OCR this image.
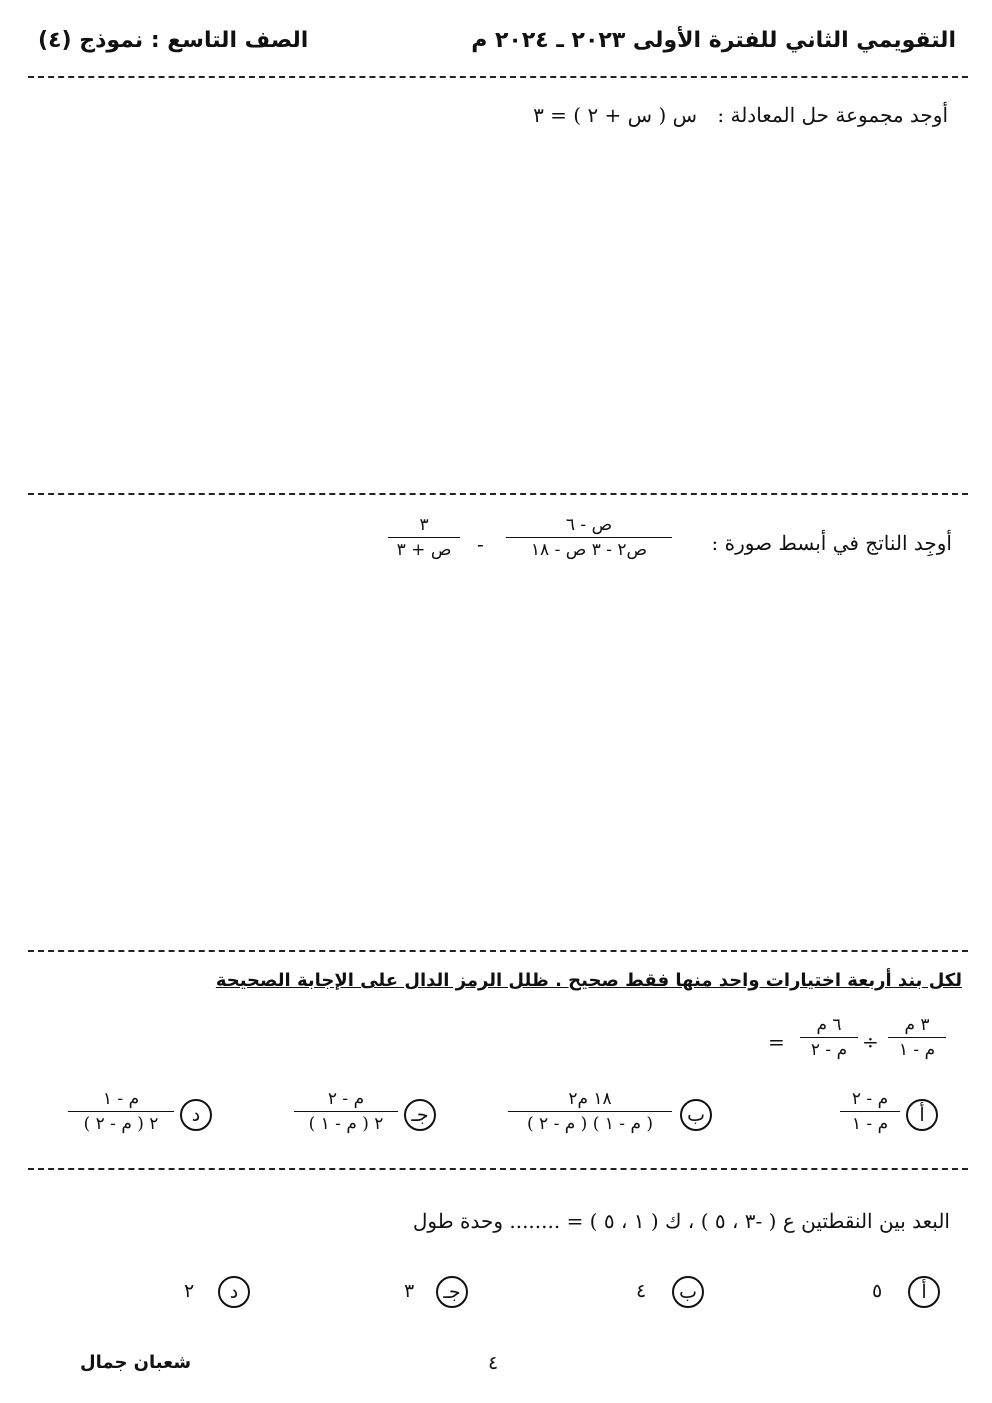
التقويمي الثاني للفترة الأولى ٢٠٢٣ ـ ٢٠٢٤ م
الصف التاسع : نموذج (٤)
أوجد مجموعة حل المعادلة : س ( س + ٢ ) = ٣
أوجِد الناتج في أبسط صورة :
ص - ٦
ص٢ - ٣ ص - ١٨
-
٣
ص + ٣
لكل بند أربعة اختيارات واحد منها فقط صحيح . ظلل الرمز الدال على الإجابة الصحيحة
٣ م
م - ١
÷
٦ م
م - ٢
=
أ
م - ٢
م - ١
ب
١٨ م٢
( م - ١ ) ( م - ٢ )
جـ
م - ٢
٢ ( م - ١ )
د
م - ١
٢ ( م - ٢ )
البعد بين النقطتين ع ( -٣ ، ٥ ) ، ك ( ١ ، ٥ ) = ........ وحدة طول
أ
٥
ب
٤
جـ
٣
د
٢
٤
شعبان جمال
